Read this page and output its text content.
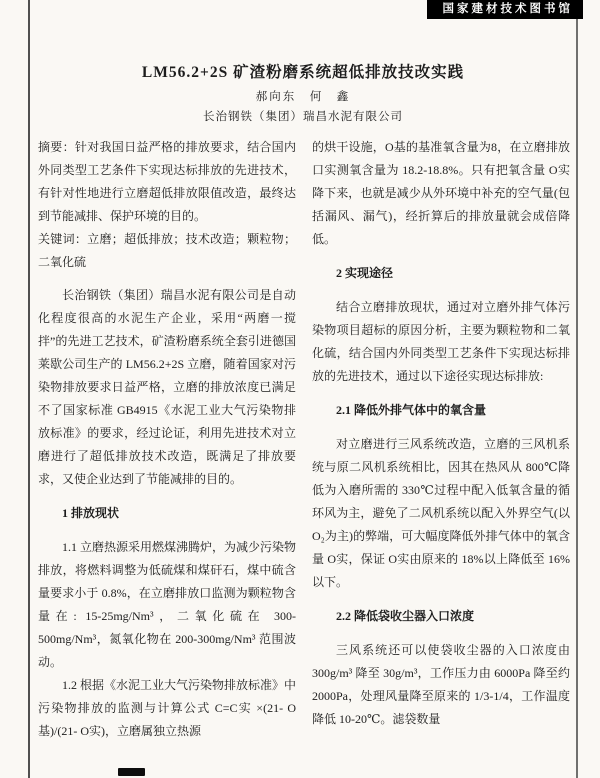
国家建材技术图书馆
LM56.2+2S 矿渣粉磨系统超低排放技改实践
郝向东　何　鑫
长治钢铁（集团）瑞昌水泥有限公司

摘要：针对我国日益严格的排放要求，结合国内外同类型工艺条件下实现达标排放的先进技术，有针对性地进行立磨超低排放限值改造，最终达到节能减排、保护环境的目的。

关键词：立磨；超低排放；技术改造；颗粒物；二氧化硫

长治钢铁（集团）瑞昌水泥有限公司是自动化程度很高的水泥生产企业，采用“两磨一搅拌”的先进工艺技术，矿渣粉磨系统全套引进德国莱歇公司生产的 LM56.2+2S 立磨，随着国家对污染物排放要求日益严格，立磨的排放浓度已满足不了国家标准 GB4915《水泥工业大气污染物排放标准》的要求，经过论证，利用先进技术对立磨进行了超低排放技术改造，既满足了排放要求，又使企业达到了节能减排的目的。

1 排放现状

1.1 立磨热源采用燃煤沸腾炉，为减少污染物排放，将燃料调整为低硫煤和煤矸石，煤中硫含量要求小于 0.8%，在立磨排放口监测为颗粒物含量在: 15-25mg/Nm³，二氧化硫在 300-500mg/Nm³，氮氧化物在 200-300mg/Nm³ 范围波动。

1.2 根据《水泥工业大气污染物排放标准》中污染物排放的监测与计算公式 C=C实 ×(21- O基)/(21- O实)，立磨属独立热源

的烘干设施，O基的基准氧含量为8，在立磨排放口实测氧含量为 18.2-18.8%。只有把氧含量 O实降下来，也就是减少从外环境中补充的空气量(包括漏风、漏气)，经折算后的排放量就会成倍降低。

2 实现途径

结合立磨排放现状，通过对立磨外排气体污染物项目超标的原因分析，主要为颗粒物和二氧化硫，结合国内外同类型工艺条件下实现达标排放的先进技术，通过以下途径实现达标排放:

2.1 降低外排气体中的氧含量

对立磨进行三风系统改造，立磨的三风机系统与原二风机系统相比，因其在热风从 800℃降低为入磨所需的 330℃过程中配入低氧含量的循环风为主，避免了二风机系统以配入外界空气(以 O₂为主)的弊端，可大幅度降低外排气体中的氧含量 O实，保证 O实由原来的 18%以上降低至 16%以下。

2.2 降低袋收尘器入口浓度

三风系统还可以使袋收尘器的入口浓度由 300g/m³ 降至 30g/m³，工作压力由 6000Pa 降至约 2000Pa，处理风量降至原来的 1/3-1/4，工作温度降低 10-20℃。滤袋数量
